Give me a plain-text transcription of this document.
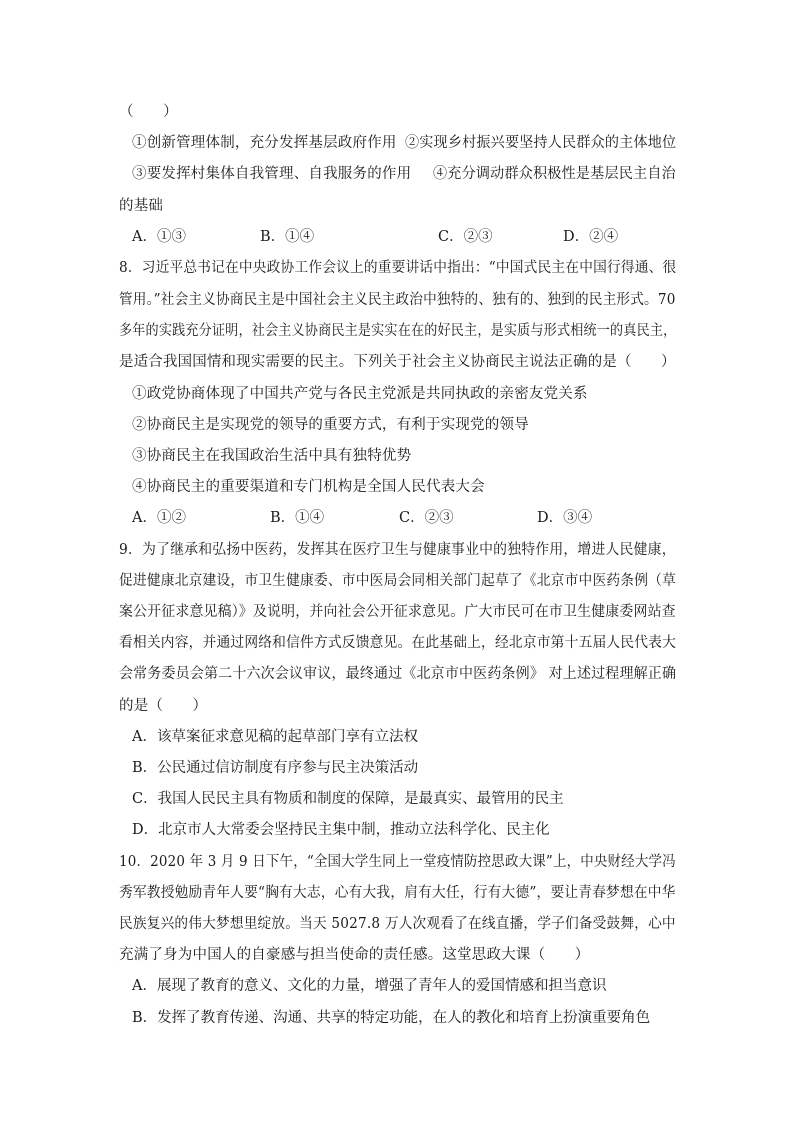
（　　）
①创新管理体制，充分发挥基层政府作用 ②实现乡村振兴要坚持人民群众的主体地位
③要发挥村集体自我管理、自我服务的作用 ④充分调动群众积极性是基层民主自治
的基础
A．①③	B．①④	C．②③	D．②④
8．习近平总书记在中央政协工作会议上的重要讲话中指出：“中国式民主在中国行得通、很
管用。”社会主义协商民主是中国社会主义民主政治中独特的、独有的、独到的民主形式。70
多年的实践充分证明，社会主义协商民主是实实在在的好民主，是实质与形式相统一的真民主，
是适合我国国情和现实需要的民主。下列关于社会主义协商民主说法正确的是（　　）
①政党协商体现了中国共产党与各民主党派是共同执政的亲密友党关系
②协商民主是实现党的领导的重要方式，有利于实现党的领导
③协商民主在我国政治生活中具有独特优势
④协商民主的重要渠道和专门机构是全国人民代表大会
A．①②	B．①④	C．②③	D．③④
9．为了继承和弘扬中医药，发挥其在医疗卫生与健康事业中的独特作用，增进人民健康，
促进健康北京建设，市卫生健康委、市中医局会同相关部门起草了《北京市中医药条例（草
案公开征求意见稿）》及说明，并向社会公开征求意见。广大市民可在市卫生健康委网站查
看相关内容，并通过网络和信件方式反馈意见。在此基础上，经北京市第十五届人民代表大
会常务委员会第二十六次会议审议，最终通过《北京市中医药条例》 对上述过程理解正确
的是（　　）
A．该草案征求意见稿的起草部门享有立法权
B．公民通过信访制度有序参与民主决策活动
C．我国人民民主具有物质和制度的保障，是最真实、最管用的民主
D．北京市人大常委会坚持民主集中制，推动立法科学化、民主化
10．2020 年 3 月 9 日下午，“全国大学生同上一堂疫情防控思政大课”上，中央财经大学冯
秀军教授勉励青年人要“胸有大志，心有大我，肩有大任，行有大德”，要让青春梦想在中华
民族复兴的伟大梦想里绽放。当天 5027.8 万人次观看了在线直播，学子们备受鼓舞，心中
充满了身为中国人的自豪感与担当使命的责任感。这堂思政大课（　　）
A．展现了教育的意义、文化的力量，增强了青年人的爱国情感和担当意识
B．发挥了教育传递、沟通、共享的特定功能，在人的教化和培育上扮演重要角色
